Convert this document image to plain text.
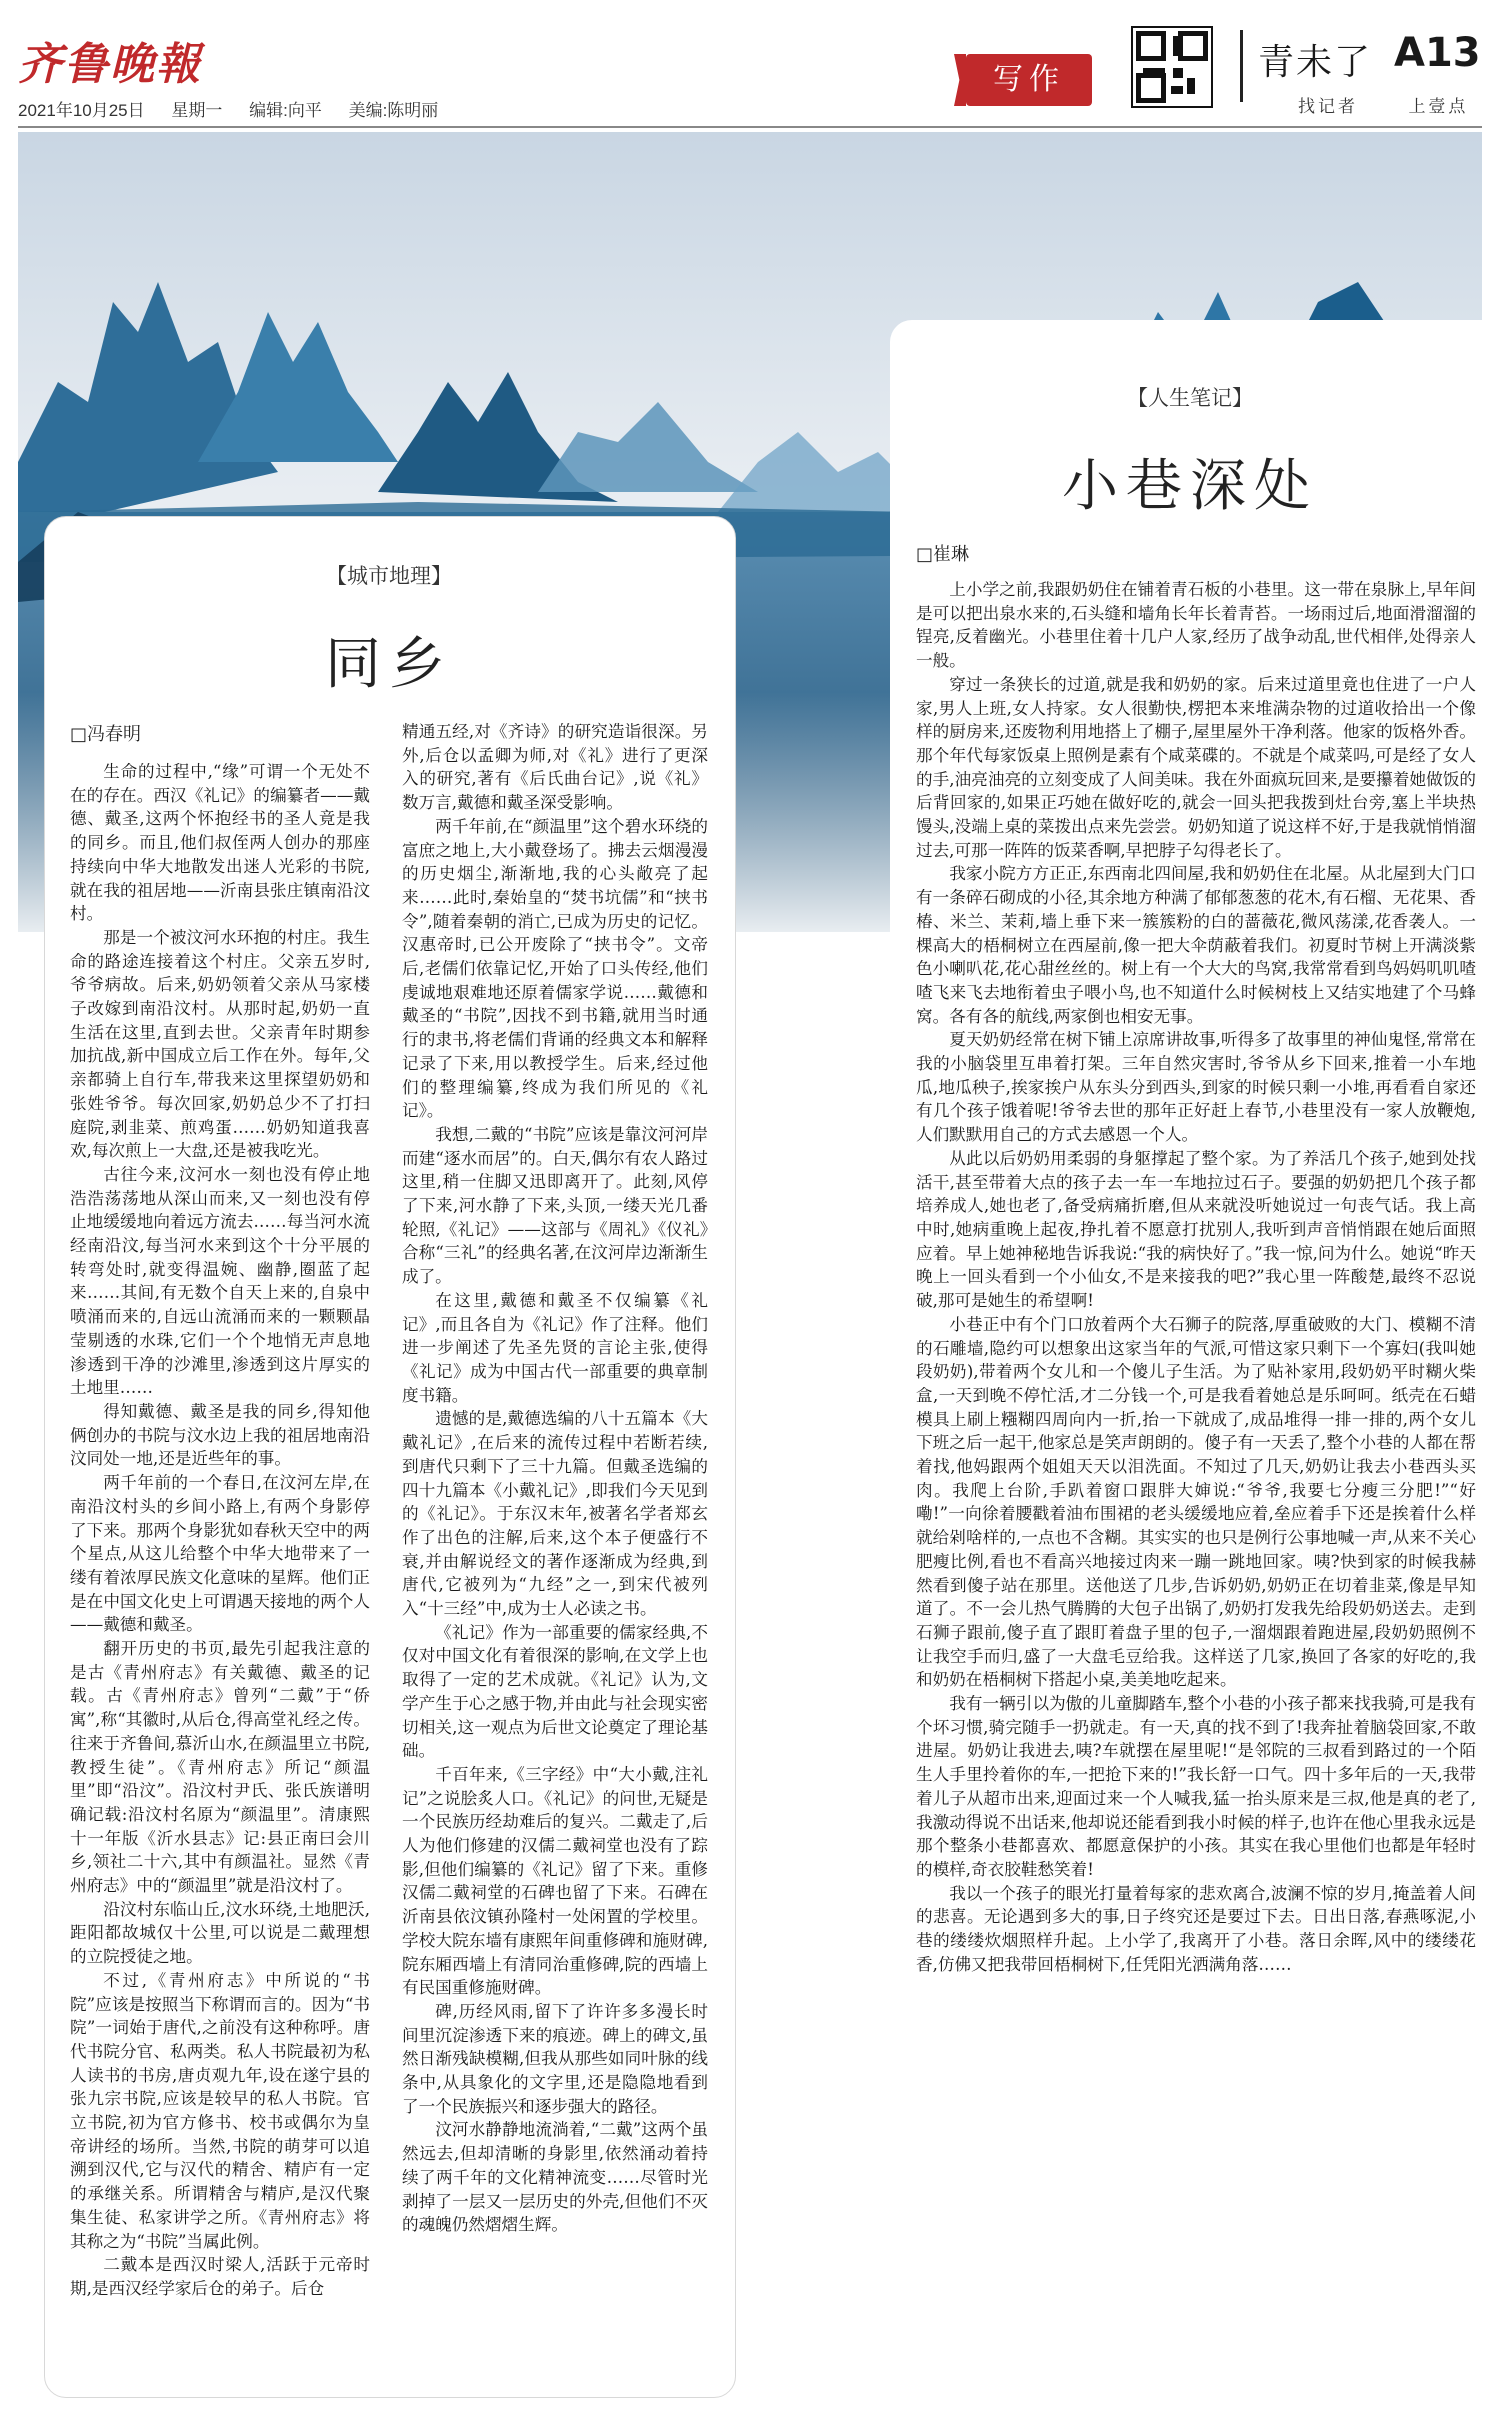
齐鲁晚報
2021年10月25日 星期一 编辑:向平 美编:陈明丽
写作	青未了 A13
找记者	上壹点
【人生笔记】
小巷深处
□崔琳

上小学之前,我跟奶奶住在铺着青石板的小巷里。这一带在泉脉上,早年间是可以把出泉水来的,石头缝和墙角长年长着青苔。一场雨过后,地面滑溜溜的锃亮,反着幽光。小巷里住着十几户人家,经历了战争动乱,世代相伴,处得亲人一般。

穿过一条狭长的过道,就是我和奶奶的家。后来过道里竟也住进了一户人家,男人上班,女人持家。女人很勤快,楞把本来堆满杂物的过道收拾出一个像样的厨房来,还废物利用地搭上了棚子,屋里屋外干净利落。他家的饭格外香。那个年代每家饭桌上照例是素有个咸菜碟的。不就是个咸菜吗,可是经了女人的手,油亮油亮的立刻变成了人间美味。我在外面疯玩回来,是要攥着她做饭的后背回家的,如果正巧她在做好吃的,就会一回头把我拨到灶台旁,塞上半块热馒头,没端上桌的菜拨出点来先尝尝。奶奶知道了说这样不好,于是我就悄悄溜过去,可那一阵阵的饭菜香啊,早把脖子勾得老长了。

我家小院方方正正,东西南北四间屋,我和奶奶住在北屋。从北屋到大门口有一条碎石砌成的小径,其余地方种满了郁郁葱葱的花木,有石榴、无花果、香椿、米兰、茉莉,墙上垂下来一簇簇粉的白的蔷薇花,微风荡漾,花香袭人。一棵高大的梧桐树立在西屋前,像一把大伞荫蔽着我们。初夏时节树上开满淡紫色小喇叭花,花心甜丝丝的。树上有一个大大的鸟窝,我常常看到鸟妈妈叽叽喳喳飞来飞去地衔着虫子喂小鸟,也不知道什么时候树枝上又结实地建了个马蜂窝。各有各的航线,两家倒也相安无事。

夏天奶奶经常在树下铺上凉席讲故事,听得多了故事里的神仙鬼怪,常常在我的小脑袋里互串着打架。三年自然灾害时,爷爷从乡下回来,推着一小车地瓜,地瓜秧子,挨家挨户从东头分到西头,到家的时候只剩一小堆,再看看自家还有几个孩子饿着呢!爷爷去世的那年正好赶上春节,小巷里没有一家人放鞭炮,人们默默用自己的方式去感恩一个人。

从此以后奶奶用柔弱的身躯撑起了整个家。为了养活几个孩子,她到处找活干,甚至带着大点的孩子去一车一车地拉过石子。要强的奶奶把几个孩子都培养成人,她也老了,备受病痛折磨,但从来就没听她说过一句丧气话。我上高中时,她病重晚上起夜,挣扎着不愿意打扰别人,我听到声音悄悄跟在她后面照应着。早上她神秘地告诉我说:“我的病快好了。”我一惊,问为什么。她说“昨天晚上一回头看到一个小仙女,不是来接我的吧?”我心里一阵酸楚,最终不忍说破,那可是她生的希望啊!

小巷正中有个门口放着两个大石狮子的院落,厚重破败的大门、模糊不清的石雕墙,隐约可以想象出这家当年的气派,可惜这家只剩下一个寡妇(我叫她段奶奶),带着两个女儿和一个傻儿子生活。为了贴补家用,段奶奶平时糊火柴盒,一天到晚不停忙活,才二分钱一个,可是我看着她总是乐呵呵。纸壳在石蜡模具上刷上糨糊四周向内一折,抬一下就成了,成品堆得一排一排的,两个女儿下班之后一起干,他家总是笑声朗朗的。傻子有一天丢了,整个小巷的人都在帮着找,他妈跟两个姐姐天天以泪洗面。不知过了几天,奶奶让我去小巷西头买肉。我爬上台阶,手趴着窗口跟胖大婶说:“爷爷,我要七分瘦三分肥!”“好嘞!”一向徐着腰戳着油布围裙的老头缓缓地应着,垒应着手下还是挨着什么样就给剁啥样的,一点也不含糊。其实实的也只是例行公事地喊一声,从来不关心肥瘦比例,看也不看高兴地接过肉来一蹦一跳地回家。咦?快到家的时候我赫然看到傻子站在那里。送他送了几步,告诉奶奶,奶奶正在切着韭菜,像是早知道了。不一会儿热气腾腾的大包子出锅了,奶奶打发我先给段奶奶送去。走到石狮子跟前,傻子直了跟盯着盘子里的包子,一溜烟跟着跑进屋,段奶奶照例不让我空手而归,盛了一大盘毛豆给我。这样送了几家,换回了各家的好吃的,我和奶奶在梧桐树下搭起小桌,美美地吃起来。

我有一辆引以为傲的儿童脚踏车,整个小巷的小孩子都来找我骑,可是我有个坏习惯,骑完随手一扔就走。有一天,真的找不到了!我奔扯着脑袋回家,不敢进屋。奶奶让我进去,咦?车就摆在屋里呢!“是邻院的三叔看到路过的一个陌生人手里拎着你的车,一把抢下来的!”我长舒一口气。四十多年后的一天,我带着儿子从超市出来,迎面过来一个人喊我,猛一抬头原来是三叔,他是真的老了,我激动得说不出话来,他却说还能看到我小时候的样子,也许在他心里我永远是那个整条小巷都喜欢、都愿意保护的小孩。其实在我心里他们也都是年轻时的模样,奇衣胶鞋愁笑着!

我以一个孩子的眼光打量着每家的悲欢离合,波澜不惊的岁月,掩盖着人间的悲喜。无论遇到多大的事,日子终究还是要过下去。日出日落,春燕啄泥,小巷的缕缕炊烟照样升起。上小学了,我离开了小巷。落日余晖,风中的缕缕花香,仿佛又把我带回梧桐树下,任凭阳光洒满角落……

【城市地理】
同乡
□冯春明

生命的过程中,“缘”可谓一个无处不在的存在。西汉《礼记》的编纂者——戴德、戴圣,这两个怀抱经书的圣人竟是我的同乡。而且,他们叔侄两人创办的那座持续向中华大地散发出迷人光彩的书院,就在我的祖居地——沂南县张庄镇南沿汶村。

那是一个被汶河水环抱的村庄。我生命的路途连接着这个村庄。父亲五岁时,爷爷病故。后来,奶奶领着父亲从马家楼子改嫁到南沿汶村。从那时起,奶奶一直生活在这里,直到去世。父亲青年时期参加抗战,新中国成立后工作在外。每年,父亲都骑上自行车,带我来这里探望奶奶和张姓爷爷。每次回家,奶奶总少不了打扫庭院,剥韭菜、煎鸡蛋……奶奶知道我喜欢,每次煎上一大盘,还是被我吃光。

古往今来,汶河水一刻也没有停止地浩浩荡荡地从深山而来,又一刻也没有停止地缓缓地向着远方流去……每当河水流经南沿汶,每当河水来到这个十分平展的转弯处时,就变得温婉、幽静,圈蓝了起来……其间,有无数个自天上来的,自泉中喷涌而来的,自远山流涌而来的一颗颗晶莹剔透的水珠,它们一个个地悄无声息地渗透到干净的沙滩里,渗透到这片厚实的土地里……

得知戴德、戴圣是我的同乡,得知他俩创办的书院与汶水边上我的祖居地南沿汶同处一地,还是近些年的事。

两千年前的一个春日,在汶河左岸,在南沿汶村头的乡间小路上,有两个身影停了下来。那两个身影犹如春秋天空中的两个星点,从这儿给整个中华大地带来了一缕有着浓厚民族文化意味的星辉。他们正是在中国文化史上可谓遇天接地的两个人——戴德和戴圣。

翻开历史的书页,最先引起我注意的是古《青州府志》有关戴德、戴圣的记载。古《青州府志》曾列“二戴”于“侨寓”,称“其徽时,从后仓,得高堂礼经之传。往来于齐鲁间,慕沂山水,在颜温里立书院,教授生徒”。《青州府志》所记“颜温里”即“沿汶”。沿汶村尹氏、张氏族谱明确记载:沿汶村名原为“颜温里”。清康熙十一年版《沂水县志》记:县正南曰会川乡,领社二十六,其中有颜温社。显然《青州府志》中的“颜温里”就是沿汶村了。

沿汶村东临山丘,汶水环绕,土地肥沃,距阳都故城仅十公里,可以说是二戴理想的立院授徒之地。

不过,《青州府志》中所说的“书院”应该是按照当下称谓而言的。因为“书院”一词始于唐代,之前没有这种称呼。唐代书院分官、私两类。私人书院最初为私人读书的书房,唐贞观九年,设在遂宁县的张九宗书院,应该是较早的私人书院。官立书院,初为官方修书、校书或偶尔为皇帝讲经的场所。当然,书院的萌芽可以追溯到汉代,它与汉代的精舍、精庐有一定的承继关系。所谓精舍与精庐,是汉代聚集生徒、私家讲学之所。《青州府志》将其称之为“书院”当属此例。

二戴本是西汉时梁人,活跃于元帝时期,是西汉经学家后仓的弟子。后仓

精通五经,对《齐诗》的研究造诣很深。另外,后仓以孟卿为师,对《礼》进行了更深入的研究,著有《后氏曲台记》,说《礼》数万言,戴德和戴圣深受影响。

两千年前,在“颜温里”这个碧水环绕的富庶之地上,大小戴登场了。拂去云烟漫漫的历史烟尘,渐渐地,我的心头敞亮了起来……此时,秦始皇的“焚书坑儒”和“挟书令”,随着秦朝的消亡,已成为历史的记忆。汉惠帝时,已公开废除了“挟书令”。文帝后,老儒们依靠记忆,开始了口头传经,他们虔诚地艰难地还原着儒家学说……戴德和戴圣的“书院”,因找不到书籍,就用当时通行的隶书,将老儒们背诵的经典文本和解释记录了下来,用以教授学生。后来,经过他们的整理编纂,终成为我们所见的《礼记》。

我想,二戴的“书院”应该是靠汶河河岸而建“逐水而居”的。白天,偶尔有农人路过这里,稍一住脚又迅即离开了。此刻,风停了下来,河水静了下来,头顶,一缕天光几番轮照,《礼记》——这部与《周礼》《仪礼》合称“三礼”的经典名著,在汶河岸边渐渐生成了。

在这里,戴德和戴圣不仅编纂《礼记》,而且各自为《礼记》作了注释。他们进一步阐述了先圣先贤的言论主张,使得《礼记》成为中国古代一部重要的典章制度书籍。

遗憾的是,戴德选编的八十五篇本《大戴礼记》,在后来的流传过程中若断若续,到唐代只剩下了三十九篇。但戴圣选编的四十九篇本《小戴礼记》,即我们今天见到的《礼记》。于东汉末年,被著名学者郑玄作了出色的注解,后来,这个本子便盛行不衰,并由解说经文的著作逐渐成为经典,到唐代,它被列为“九经”之一,到宋代被列入“十三经”中,成为士人必读之书。

《礼记》作为一部重要的儒家经典,不仅对中国文化有着很深的影响,在文学上也取得了一定的艺术成就。《礼记》认为,文学产生于心之感于物,并由此与社会现实密切相关,这一观点为后世文论奠定了理论基础。

千百年来,《三字经》中“大小戴,注礼记”之说脍炙人口。《礼记》的问世,无疑是一个民族历经劫难后的复兴。二戴走了,后人为他们修建的汉儒二戴祠堂也没有了踪影,但他们编纂的《礼记》留了下来。重修汉儒二戴祠堂的石碑也留了下来。石碑在沂南县依汶镇孙隆村一处闲置的学校里。学校大院东墙有康熙年间重修碑和施财碑,院东厢西墙上有清同治重修碑,院的西墙上有民国重修施财碑。

碑,历经风雨,留下了许许多多漫长时间里沉淀渗透下来的痕迹。碑上的碑文,虽然日渐残缺模糊,但我从那些如同叶脉的线条中,从具象化的文字里,还是隐隐地看到了一个民族振兴和逐步强大的路径。

汶河水静静地流淌着,“二戴”这两个虽然远去,但却清晰的身影里,依然涌动着持续了两千年的文化精神流变……尽管时光剥掉了一层又一层历史的外壳,但他们不灭的魂魄仍然熠熠生辉。
